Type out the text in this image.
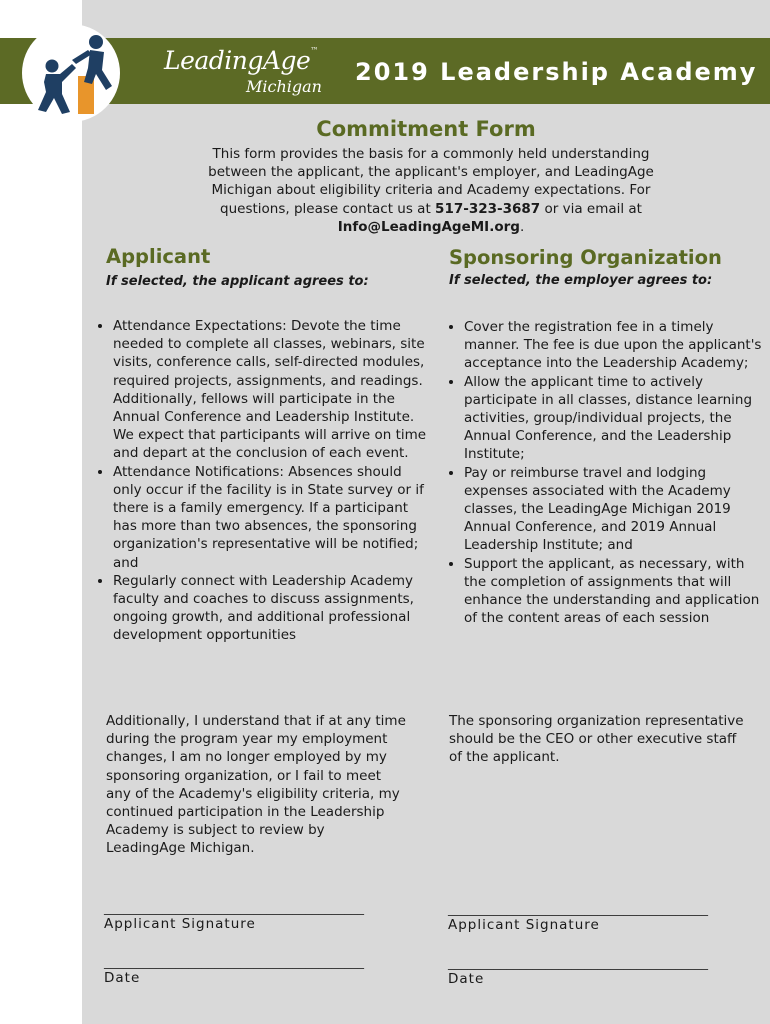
LeadingAge™
Michigan
2019 Leadership Academy
Commitment Form
This form provides the basis for a commonly held understanding between the applicant, the applicant's employer, and LeadingAge Michigan about eligibility criteria and Academy expectations. For questions, please contact us at 517-323-3687 or via email at Info@LeadingAgeMI.org.
Applicant
If selected, the applicant agrees to:
• Attendance Expectations: Devote the time needed to complete all classes, webinars, site visits, conference calls, self-directed modules, required projects, assignments, and readings. Additionally, fellows will participate in the Annual Conference and Leadership Institute. We expect that participants will arrive on time and depart at the conclusion of each event.
• Attendance Notifications: Absences should only occur if the facility is in State survey or if there is a family emergency. If a participant has more than two absences, the sponsoring organization's representative will be notified; and
• Regularly connect with Leadership Academy faculty and coaches to discuss assignments, ongoing growth, and additional professional development opportunities

Additionally, I understand that if at any time during the program year my employment changes, I am no longer employed by my sponsoring organization, or I fail to meet any of the Academy's eligibility criteria, my continued participation in the Leadership Academy is subject to review by LeadingAge Michigan.

________________________________________
Applicant Signature
________________________________________
Date
Sponsoring Organization
If selected, the employer agrees to:
• Cover the registration fee in a timely manner. The fee is due upon the applicant's acceptance into the Leadership Academy;
• Allow the applicant time to actively participate in all classes, distance learning activities, group/individual projects, the Annual Conference, and the Leadership Institute;
• Pay or reimburse travel and lodging expenses associated with the Academy classes, the LeadingAge Michigan 2019 Annual Conference, and 2019 Annual Leadership Institute; and
• Support the applicant, as necessary, with the completion of assignments that will enhance the understanding and application of the content areas of each session

The sponsoring organization representative should be the CEO or other executive staff of the applicant.

________________________________________
Applicant Signature
________________________________________
Date
